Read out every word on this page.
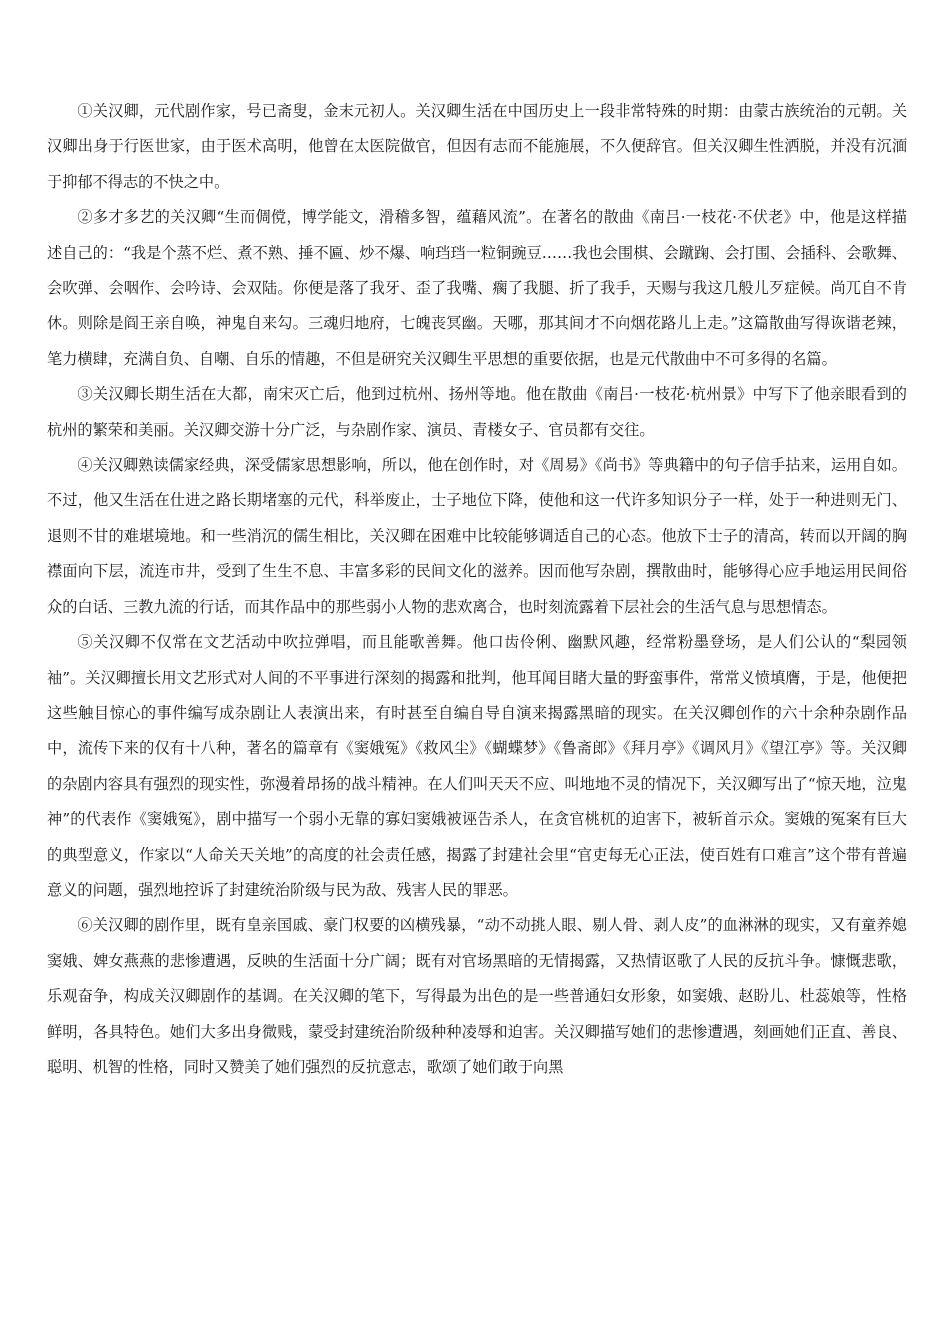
①关汉卿，元代剧作家，号已斋叟，金末元初人。关汉卿生活在中国历史上一段非常特殊的时期：由蒙古族统治的元朝。关汉卿出身于行医世家，由于医术高明，他曾在太医院做官，但因有志而不能施展，不久便辞官。但关汉卿生性洒脱，并没有沉湎于抑郁不得志的不快之中。

②多才多艺的关汉卿“生而倜傥，博学能文，滑稽多智，蕴藉风流”。在著名的散曲《南吕·一枝花·不伏老》中，他是这样描述自己的：“我是个蒸不烂、煮不熟、捶不匾、炒不爆、响珰珰一粒铜豌豆……我也会围棋、会蹴踘、会打围、会插科、会歌舞、会吹弹、会咽作、会吟诗、会双陆。你便是落了我牙、歪了我嘴、瘸了我腿、折了我手，天赐与我这几般儿歹症候。尚兀自不肯休。则除是阎王亲自唤，神鬼自来勾。三魂归地府，七魄丧冥幽。天哪，那其间才不向烟花路儿上走。”这篇散曲写得诙谐老辣，笔力横肆，充满自负、自嘲、自乐的情趣，不但是研究关汉卿生平思想的重要依据，也是元代散曲中不可多得的名篇。

③关汉卿长期生活在大都，南宋灭亡后，他到过杭州、扬州等地。他在散曲《南吕·一枝花·杭州景》中写下了他亲眼看到的杭州的繁荣和美丽。关汉卿交游十分广泛，与杂剧作家、演员、青楼女子、官员都有交往。

④关汉卿熟读儒家经典，深受儒家思想影响，所以，他在创作时，对《周易》《尚书》等典籍中的句子信手拈来，运用自如。不过，他又生活在仕进之路长期堵塞的元代，科举废止，士子地位下降，使他和这一代许多知识分子一样，处于一种进则无门、退则不甘的难堪境地。和一些消沉的儒生相比，关汉卿在困难中比较能够调适自己的心态。他放下士子的清高，转而以开阔的胸襟面向下层，流连市井，受到了生生不息、丰富多彩的民间文化的滋养。因而他写杂剧，撰散曲时，能够得心应手地运用民间俗众的白话、三教九流的行话，而其作品中的那些弱小人物的悲欢离合，也时刻流露着下层社会的生活气息与思想情态。

⑤关汉卿不仅常在文艺活动中吹拉弹唱，而且能歌善舞。他口齿伶俐、幽默风趣，经常粉墨登场，是人们公认的“梨园领袖”。关汉卿擅长用文艺形式对人间的不平事进行深刻的揭露和批判，他耳闻目睹大量的野蛮事件，常常义愤填膺，于是，他便把这些触目惊心的事件编写成杂剧让人表演出来，有时甚至自编自导自演来揭露黑暗的现实。在关汉卿创作的六十余种杂剧作品中，流传下来的仅有十八种，著名的篇章有《窦娥冤》《救风尘》《蝴蝶梦》《鲁斋郎》《拜月亭》《调风月》《望江亭》等。关汉卿的杂剧内容具有强烈的现实性，弥漫着昂扬的战斗精神。在人们叫天天不应、叫地地不灵的情况下，关汉卿写出了“惊天地，泣鬼神”的代表作《窦娥冤》，剧中描写一个弱小无靠的寡妇窦娥被诬告杀人，在贪官桃杌的迫害下，被斩首示众。窦娥的冤案有巨大的典型意义，作家以“人命关天关地”的高度的社会责任感，揭露了封建社会里“官吏每无心正法，使百姓有口难言”这个带有普遍意义的问题，强烈地控诉了封建统治阶级与民为敌、残害人民的罪恶。

⑥关汉卿的剧作里，既有皇亲国戚、豪门权要的凶横残暴，“动不动挑人眼、剔人骨、剥人皮”的血淋淋的现实，又有童养媳窦娥、婢女燕燕的悲惨遭遇，反映的生活面十分广阔；既有对官场黑暗的无情揭露，又热情讴歌了人民的反抗斗争。慷慨悲歌，乐观奋争，构成关汉卿剧作的基调。在关汉卿的笔下，写得最为出色的是一些普通妇女形象，如窦娥、赵盼儿、杜蕊娘等，性格鲜明，各具特色。她们大多出身微贱，蒙受封建统治阶级种种凌辱和迫害。关汉卿描写她们的悲惨遭遇，刻画她们正直、善良、聪明、机智的性格，同时又赞美了她们强烈的反抗意志，歌颂了她们敢于向黑
